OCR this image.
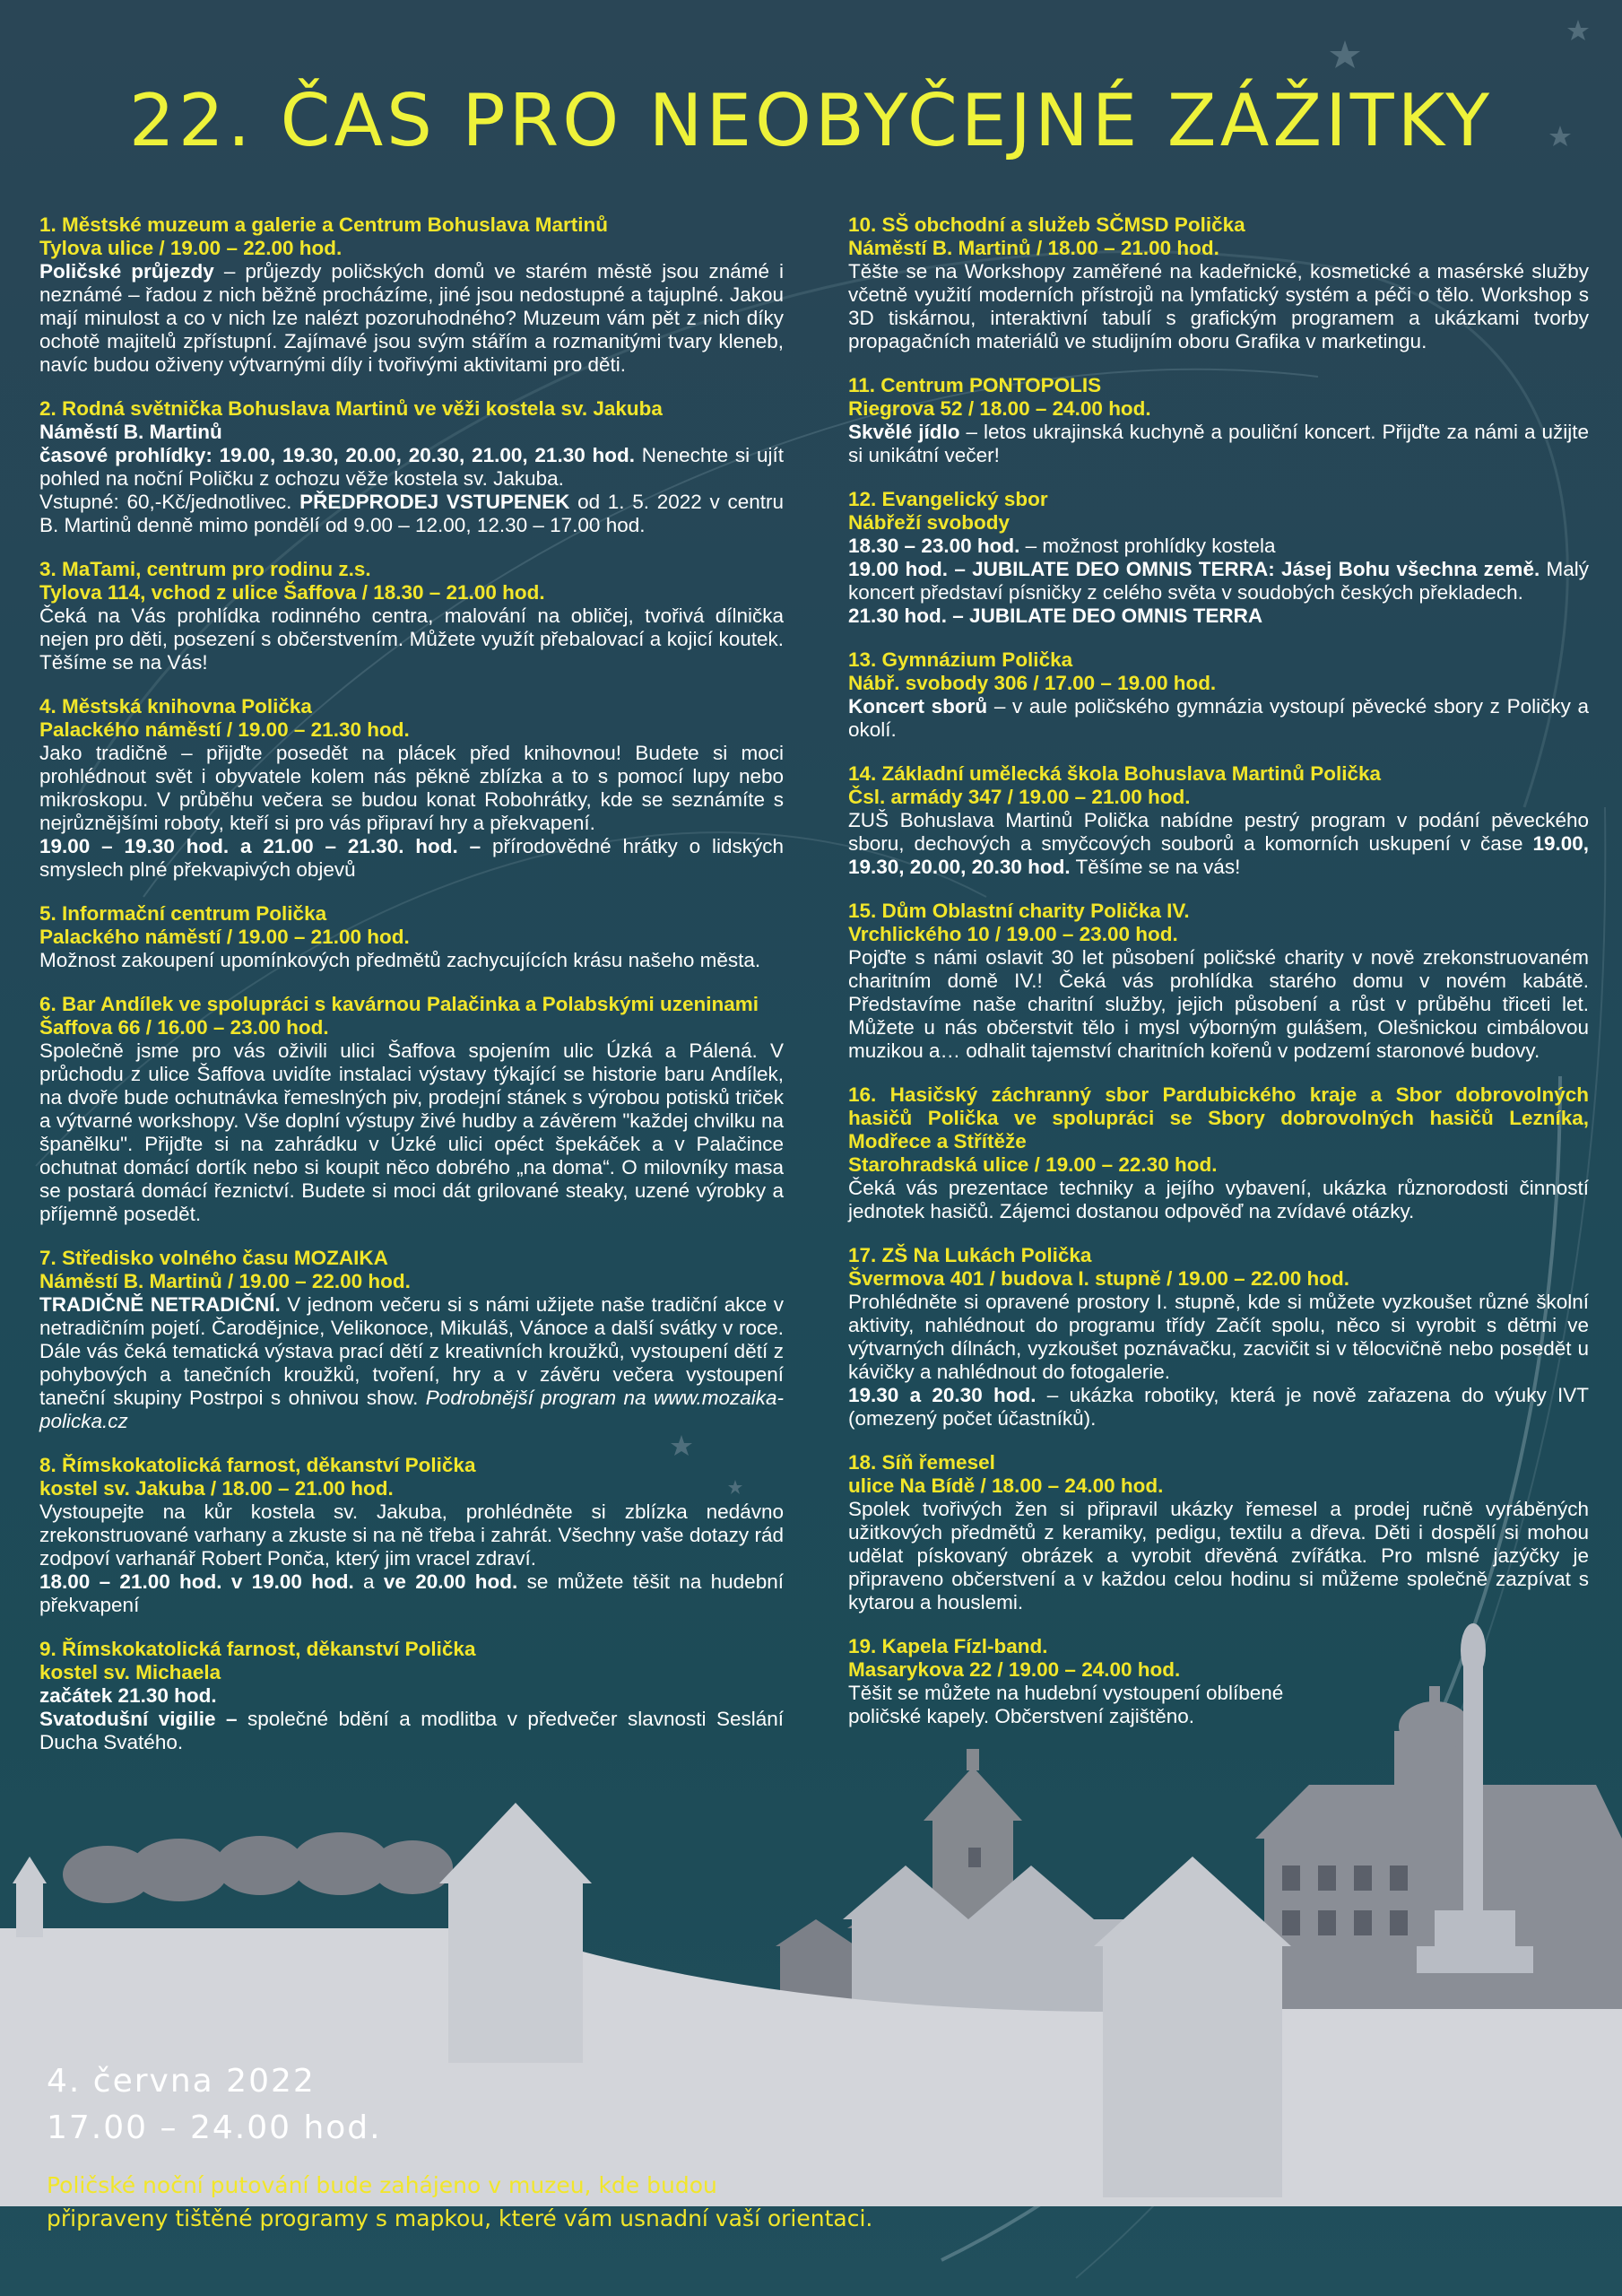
22. ČAS PRO NEOBYČEJNÉ ZÁŽITKY

1. Městské muzeum a galerie a Centrum Bohuslava Martinů

Tylova ulice / 19.00 – 22.00 hod.

Poličské průjezdy – průjezdy poličských domů ve starém městě jsou známé i neznámé – řadou z nich běžně procházíme, jiné jsou nedostupné a tajuplné. Jakou mají minulost a co v nich lze nalézt pozoruhodného? Muzeum vám pět z nich díky ochotě majitelů zpřístupní. Zajímavé jsou svým stářím a rozmanitými tvary kleneb, navíc budou oživeny výtvarnými díly i tvořivými aktivitami pro děti.

2. Rodná světnička Bohuslava Martinů ve věži kostela sv. Jakuba

Náměstí B. Martinů

časové prohlídky: 19.00, 19.30, 20.00, 20.30, 21.00, 21.30 hod. Nenechte si ujít pohled na noční Poličku z ochozu věže kostela sv. Jakuba.

Vstupné: 60,-Kč/jednotlivec. PŘEDPRODEJ VSTUPENEK od 1. 5. 2022 v centru B. Martinů denně mimo pondělí od 9.00 – 12.00, 12.30 – 17.00 hod.

3. MaTami, centrum pro rodinu z.s.

Tylova 114, vchod z ulice Šaffova / 18.30 – 21.00 hod.

Čeká na Vás prohlídka rodinného centra, malování na obličej, tvořivá dílnička nejen pro děti, posezení s občerstvením. Můžete využít přebalovací a kojicí koutek. Těšíme se na Vás!

4. Městská knihovna Polička

Palackého náměstí / 19.00 – 21.30 hod.

Jako tradičně – přijďte posedět na plácek před knihovnou! Budete si moci prohlédnout svět i obyvatele kolem nás pěkně zblízka a to s pomocí lupy nebo mikroskopu. V průběhu večera se budou konat Robohrátky, kde se seznámíte s nejrůznějšími roboty, kteří si pro vás připraví hry a překvapení.

19.00 – 19.30 hod. a 21.00 – 21.30. hod. – přírodovědné hrátky o lidských smyslech plné překvapivých objevů

5. Informační centrum Polička

Palackého náměstí / 19.00 – 21.00 hod.

Možnost zakoupení upomínkových předmětů zachycujících krásu našeho města.

6. Bar Andílek ve spolupráci s kavárnou Palačinka a Polabskými uzeninami

Šaffova 66 / 16.00 – 23.00 hod.

Společně jsme pro vás oživili ulici Šaffova spojením ulic Úzká a Pálená. V průchodu z ulice Šaffova uvidíte instalaci výstavy týkající se historie baru Andílek, na dvoře bude ochutnávka řemeslných piv, prodejní stánek s výrobou potisků triček a výtvarné workshopy. Vše doplní výstupy živé hudby a závěrem "každej chvilku na španělku". Přijďte si na zahrádku v Úzké ulici opéct špekáček a v Palačince ochutnat domácí dortík nebo si koupit něco dobrého „na doma“. O milovníky masa se postará domácí řeznictví. Budete si moci dát grilované steaky, uzené výrobky a příjemně posedět.

7. Středisko volného času MOZAIKA

Náměstí B. Martinů / 19.00 – 22.00 hod.

TRADIČNĚ NETRADIČNÍ. V jednom večeru si s námi užijete naše tradiční akce v netradičním pojetí. Čarodějnice, Velikonoce, Mikuláš, Vánoce a další svátky v roce. Dále vás čeká tematická výstava prací dětí z kreativních kroužků, vystoupení dětí z pohybových a tanečních kroužků, tvoření, hry a v závěru večera vystoupení taneční skupiny Postrpoi s ohnivou show. Podrobnější program na www.mozaika-policka.cz

8. Římskokatolická farnost, děkanství Polička

kostel sv. Jakuba / 18.00 – 21.00 hod.

Vystoupejte na kůr kostela sv. Jakuba, prohlédněte si zblízka nedávno zrekonstruované varhany a zkuste si na ně třeba i zahrát. Všechny vaše dotazy rád zodpoví varhanář Robert Ponča, který jim vracel zdraví.

18.00 – 21.00 hod. v 19.00 hod. a ve 20.00 hod. se můžete těšit na hudební překvapení

9. Římskokatolická farnost, děkanství Polička

kostel sv. Michaela

začátek 21.30 hod.

Svatodušní vigilie – společné bdění a modlitba v předvečer slavnosti Seslání Ducha Svatého.

10. SŠ obchodní a služeb SČMSD Polička

Náměstí B. Martinů / 18.00 – 21.00 hod.

Těšte se na Workshopy zaměřené na kadeřnické, kosmetické a masérské služby včetně využití moderních přístrojů na lymfatický systém a péči o tělo. Workshop s 3D tiskárnou, interaktivní tabulí s grafickým programem a ukázkami tvorby propagačních materiálů ve studijním oboru Grafika v marketingu.

11. Centrum PONTOPOLIS

Riegrova 52 / 18.00 – 24.00 hod.

Skvělé jídlo – letos ukrajinská kuchyně a pouliční koncert. Přijďte za námi a užijte si unikátní večer!

12. Evangelický sbor

Nábřeží svobody

18.30 – 23.00 hod. – možnost prohlídky kostela

19.00 hod. – JUBILATE DEO OMNIS TERRA: Jásej Bohu všechna země. Malý koncert představí písničky z celého světa v soudobých českých překladech.

21.30 hod. – JUBILATE DEO OMNIS TERRA

13. Gymnázium Polička

Nábř. svobody 306 / 17.00 – 19.00 hod.

Koncert sborů – v aule poličského gymnázia vystoupí pěvecké sbory z Poličky a okolí.

14. Základní umělecká škola Bohuslava Martinů Polička

Čsl. armády 347 / 19.00 – 21.00 hod.

ZUŠ Bohuslava Martinů Polička nabídne pestrý program v podání pěveckého sboru, dechových a smyčcových souborů a komorních uskupení v čase 19.00, 19.30, 20.00, 20.30 hod. Těšíme se na vás!

15. Dům Oblastní charity Polička IV.

Vrchlického 10 / 19.00 – 23.00 hod.

Pojďte s námi oslavit 30 let působení poličské charity v nově zrekonstruovaném charitním domě IV.! Čeká vás prohlídka starého domu v novém kabátě. Představíme naše charitní služby, jejich působení a růst v průběhu třiceti let. Můžete u nás občerstvit tělo i mysl výborným gulášem, Olešnickou cimbálovou muzikou a… odhalit tajemství charitních kořenů v podzemí staronové budovy.

16. Hasičský záchranný sbor Pardubického kraje a Sbor dobrovolných hasičů Polička ve spolupráci se Sbory dobrovolných hasičů Lezníka, Modřece a Střítěže

Starohradská ulice / 19.00 – 22.30 hod.

Čeká vás prezentace techniky a jejího vybavení, ukázka různorodosti činností jednotek hasičů. Zájemci dostanou odpověď na zvídavé otázky.

17. ZŠ Na Lukách Polička

Švermova 401 / budova I. stupně / 19.00 – 22.00 hod.

Prohlédněte si opravené prostory I. stupně, kde si můžete vyzkoušet různé školní aktivity, nahlédnout do programu třídy Začít spolu, něco si vyrobit s dětmi ve výtvarných dílnách, vyzkoušet poznávačku, zacvičit si v tělocvičně nebo posedět u kávičky a nahlédnout do fotogalerie.

19.30 a 20.30 hod. – ukázka robotiky, která je nově zařazena do výuky IVT (omezený počet účastníků).

18. Síň řemesel

ulice Na Bídě / 18.00 – 24.00 hod.

Spolek tvořivých žen si připravil ukázky řemesel a prodej ručně vyráběných užitkových předmětů z keramiky, pedigu, textilu a dřeva. Děti i dospělí si mohou udělat pískovaný obrázek a vyrobit dřevěná zvířátka. Pro mlsné jazýčky je připraveno občerstvení a v každou celou hodinu si můžeme společně zazpívat s kytarou a houslemi.

19. Kapela Fízl-band.

Masarykova 22 / 19.00 – 24.00 hod.

Těšit se můžete na hudební vystoupení oblíbené

poličské kapely. Občerstvení zajištěno.

4. června 2022
17.00 – 24.00 hod.
Poličské noční putování bude zahájeno v muzeu, kde budou
připraveny tištěné programy s mapkou, které vám usnadní vaší orientaci.
